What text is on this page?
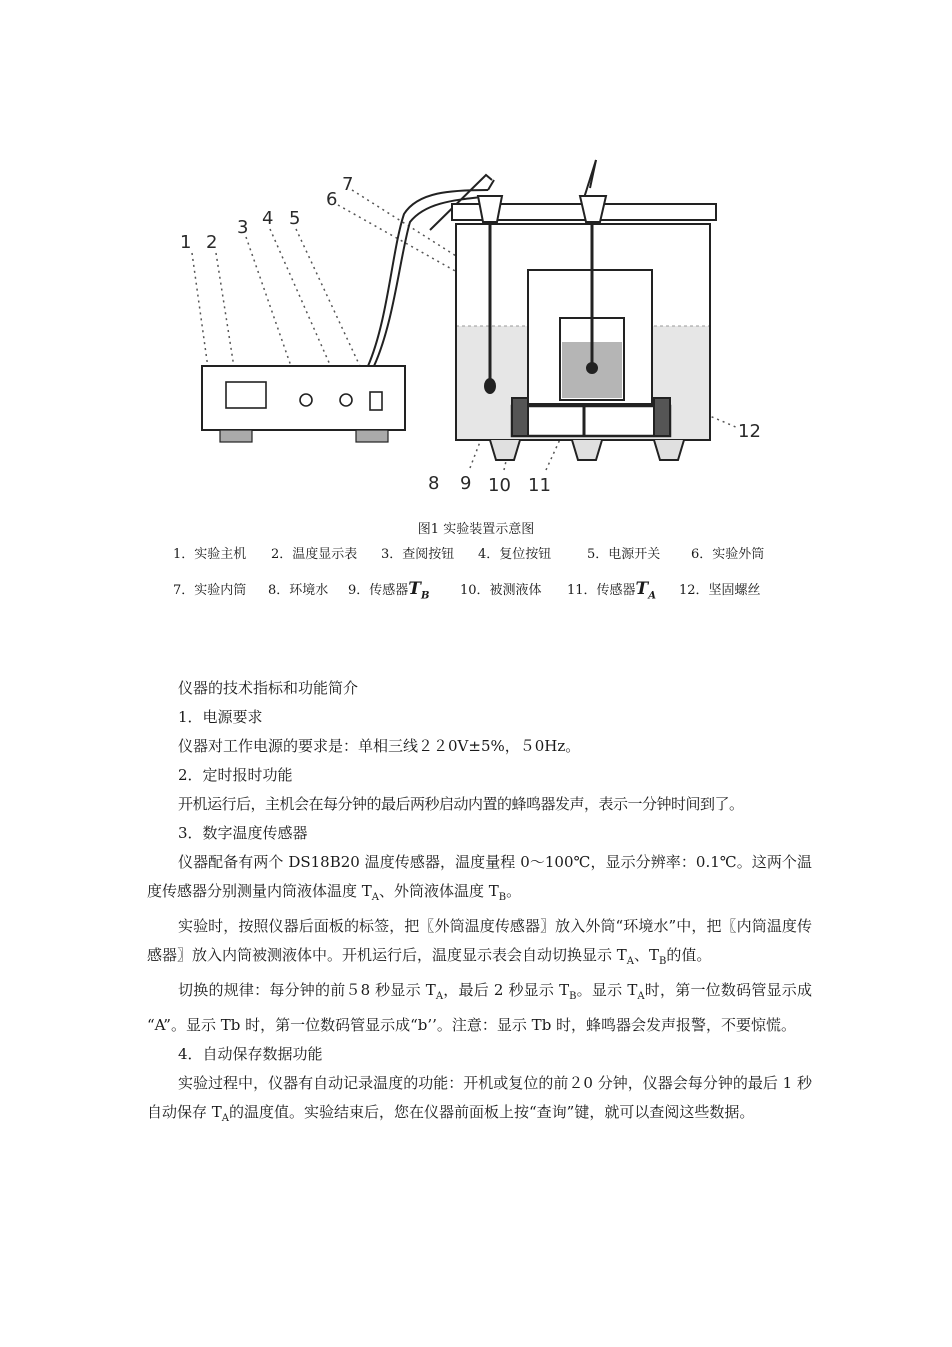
1 2
3 4 5
6
7
8 9 10 11
12
图1 实验装置示意图
1．实验主机 2．温度显示表 3．查阅按钮 4．复位按钮	5．电源开关 6．实验外筒
7．实验内筒 8．环境水 9．传感器$T_B$ 10．被测液体 11．传感器$T_A$ 12．坚固螺丝

仪器的技术指标和功能简介

1．电源要求

仪器对工作电源的要求是：单相三线２２0V±5%，５0Hz。

2．定时报时功能

开机运行后，主机会在每分钟的最后两秒启动内置的蜂鸣器发声，表示一分钟时间到了。

3．数字温度传感器

仪器配备有两个 DS18B20 温度传感器，温度量程 0～100℃，显示分辨率：0.1℃。这两个温度传感器分别测量内筒液体温度 $T_A$、外筒液体温度 $T_B$。

实验时，按照仪器后面板的标签，把〖外筒温度传感器〗放入外筒“环境水”中，把〖内筒温度传感器〗放入内筒被测液体中。开机运行后，温度显示表会自动切换显示 $T_A$、$T_B$的值。

切换的规律：每分钟的前５8 秒显示 $T_A$，最后 2 秒显示 $T_B$。显示 $T_A$时，第一位数码管显示成 “A”。显示 Tb 时，第一位数码管显示成“b’’。注意：显示 Tb 时，蜂鸣器会发声报警，不要惊慌。

4．自动保存数据功能

实验过程中，仪器有自动记录温度的功能：开机或复位的前２0 分钟，仪器会每分钟的最后 1 秒自动保存 $T_A$的温度值。实验结束后，您在仪器前面板上按“查询”键，就可以查阅这些数据。
